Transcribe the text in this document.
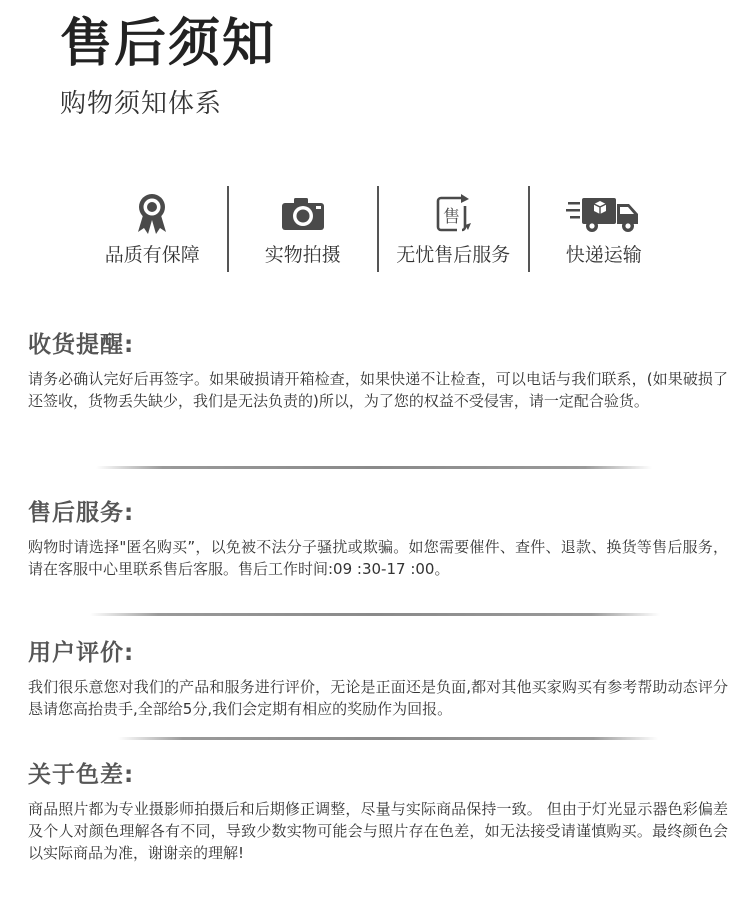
售后须知
购物须知体系
品质有保障	实物拍摄
售
无忧售后服务	快递运输
收货提醒:

请务必确认完好后再签字。如果破损请开箱检查，如果快递不让检查，可以电话与我们联系，(如果破损了还签收，货物丢失缺少，我们是无法负责的)所以，为了您的权益不受侵害，请一定配合验货。

售后服务:

购物时请选择"匿名购买”，以免被不法分子骚扰或欺骗。如您需要催件、查件、退款、换货等售后服务，请在客服中心里联系售后客服。售后工作时间:09 :30-17 :00。

用户评价:

我们很乐意您对我们的产品和服务进行评价，无论是正面还是负面,都对其他买家购买有参考帮助动态评分恳请您高抬贵手,全部给5分,我们会定期有相应的奖励作为回报。

关于色差:

商品照片都为专业摄影师拍摄后和后期修正调整，尽量与实际商品保持一致。 但由于灯光显示器色彩偏差及个人对颜色理解各有不同，导致少数实物可能会与照片存在色差，如无法接受请谨慎购买。最终颜色会以实际商品为准，谢谢亲的理解!
